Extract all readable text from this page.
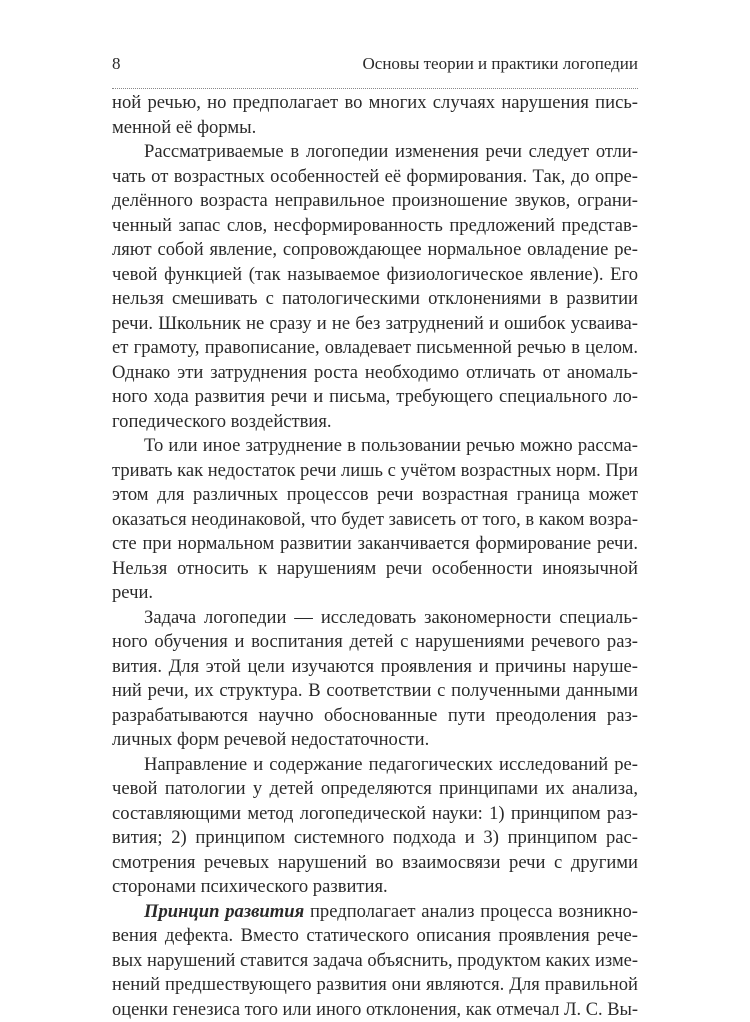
8	Основы теории и практики логопедии
ной речью, но предполагает во многих случаях нарушения пись-
менной её формы.
Рассматриваемые в логопедии изменения речи следует отли-
чать от возрастных особенностей её формирования. Так, до опре-
делённого возраста неправильное произношение звуков, ограни-
ченный запас слов, несформированность предложений представ-
ляют собой явление, сопровождающее нормальное овладение ре-
чевой функцией (так называемое физиологическое явление). Его
нельзя смешивать с патологическими отклонениями в развитии
речи. Школьник не сразу и не без затруднений и ошибок усваива-
ет грамоту, правописание, овладевает письменной речью в целом.
Однако эти затруднения роста необходимо отличать от аномаль-
ного хода развития речи и письма, требующего специального ло-
гопедического воздействия.
То или иное затруднение в пользовании речью можно рассма-
тривать как недостаток речи лишь с учётом возрастных норм. При
этом для различных процессов речи возрастная граница может
оказаться неодинаковой, что будет зависеть от того, в каком возра-
сте при нормальном развитии заканчивается формирование речи.
Нельзя относить к нарушениям речи особенности иноязычной
речи.
Задача логопедии — исследовать закономерности специаль-
ного обучения и воспитания детей с нарушениями речевого раз-
вития. Для этой цели изучаются проявления и причины наруше-
ний речи, их структура. В соответствии с полученными данными
разрабатываются научно обоснованные пути преодоления раз-
личных форм речевой недостаточности.
Направление и содержание педагогических исследований ре-
чевой патологии у детей определяются принципами их анализа,
составляющими метод логопедической науки: 1) принципом раз-
вития; 2) принципом системного подхода и 3) принципом рас-
смотрения речевых нарушений во взаимосвязи речи с другими
сторонами психического развития.
Принцип развития предполагает анализ процесса возникно-
вения дефекта. Вместо статического описания проявления рече-
вых нарушений ставится задача объяснить, продуктом каких изме-
нений предшествующего развития они являются. Для правильной
оценки генезиса того или иного отклонения, как отмечал Л. С. Вы-
